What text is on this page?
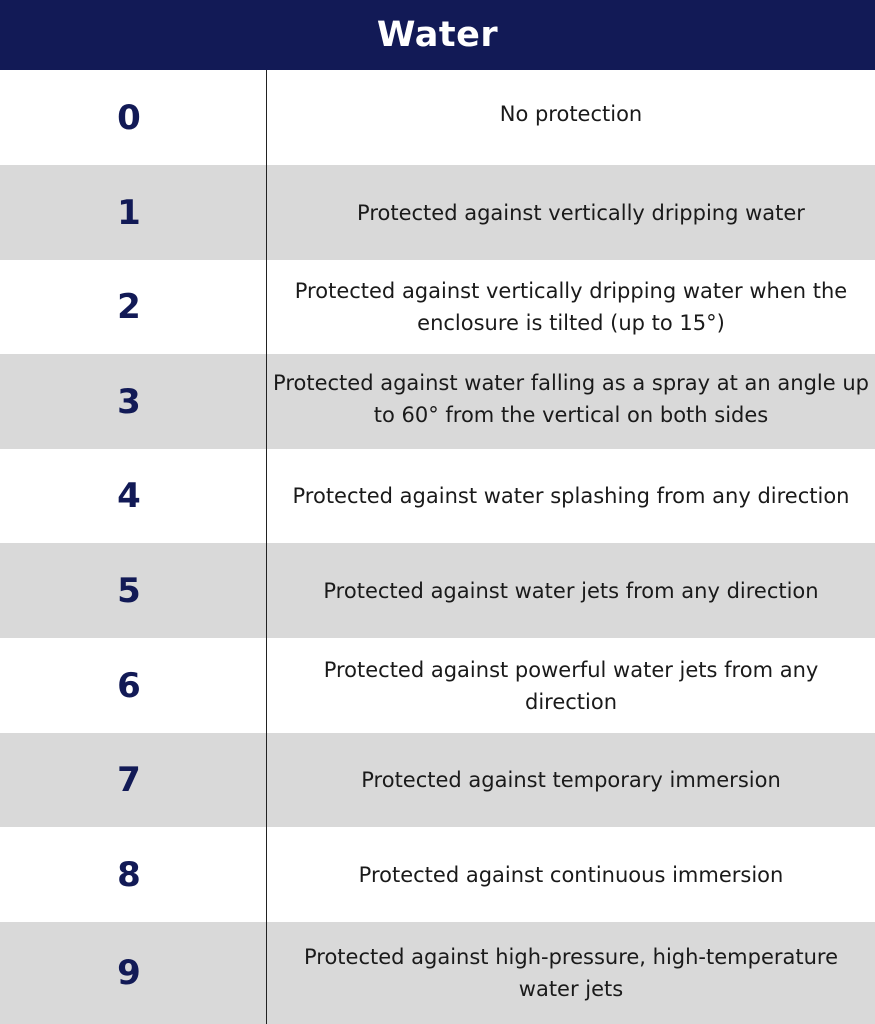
Water
0	No protection
1	Protected against vertically dripping water
2	Protected against vertically dripping water when the enclosure is tilted (up to 15°)
3	Protected against water falling as a spray at an angle up to 60° from the vertical on both sides
4	Protected against water splashing from any direction
5	Protected against water jets from any direction
6	Protected against powerful water jets from any direction
7	Protected against temporary immersion
8	Protected against continuous immersion
9	Protected against high-pressure, high-temperature water jets
